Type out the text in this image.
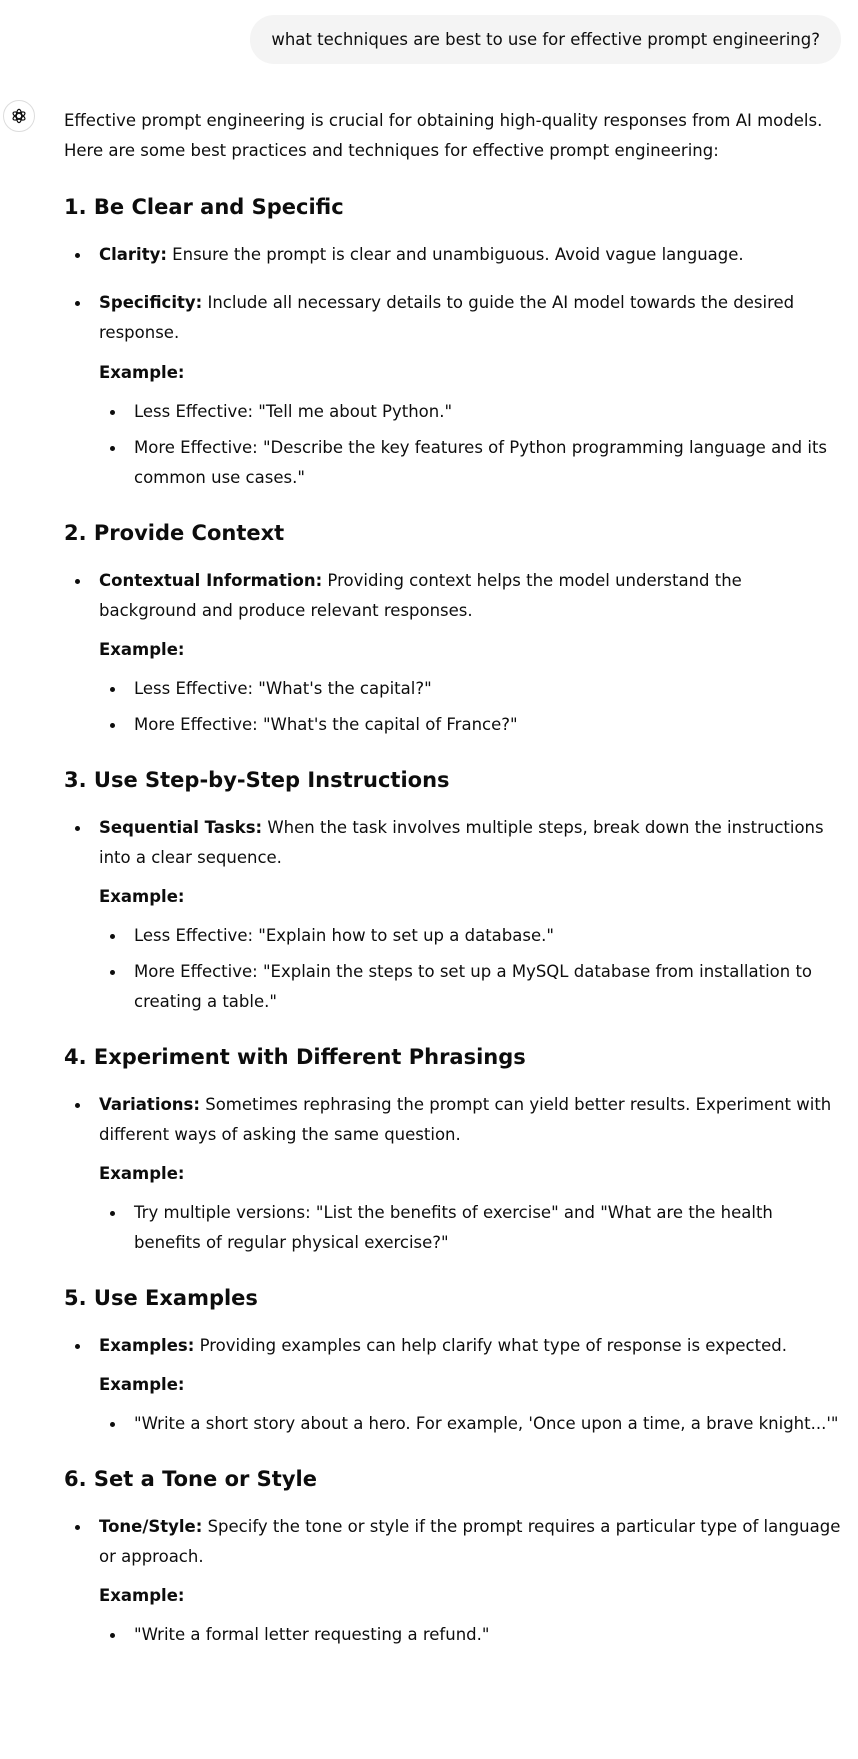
what techniques are best to use for effective prompt engineering?

Effective prompt engineering is crucial for obtaining high-quality responses from AI models. Here are some best practices and techniques for effective prompt engineering:

1. Be Clear and Specific
Clarity: Ensure the prompt is clear and unambiguous. Avoid vague language.
Specificity: Include all necessary details to guide the AI model towards the desired response.
Example:
Less Effective: "Tell me about Python."
More Effective: "Describe the key features of Python programming language and its common use cases."
2. Provide Context
Contextual Information: Providing context helps the model understand the background and produce relevant responses.
Example:
Less Effective: "What's the capital?"
More Effective: "What's the capital of France?"
3. Use Step-by-Step Instructions
Sequential Tasks: When the task involves multiple steps, break down the instructions into a clear sequence.
Example:
Less Effective: "Explain how to set up a database."
More Effective: "Explain the steps to set up a MySQL database from installation to creating a table."
4. Experiment with Different Phrasings
Variations: Sometimes rephrasing the prompt can yield better results. Experiment with different ways of asking the same question.
Example:
Try multiple versions: "List the benefits of exercise" and "What are the health benefits of regular physical exercise?"
5. Use Examples
Examples: Providing examples can help clarify what type of response is expected.
Example:
"Write a short story about a hero. For example, 'Once upon a time, a brave knight...'"
6. Set a Tone or Style
Tone/Style: Specify the tone or style if the prompt requires a particular type of language or approach.
Example:
"Write a formal letter requesting a refund."
